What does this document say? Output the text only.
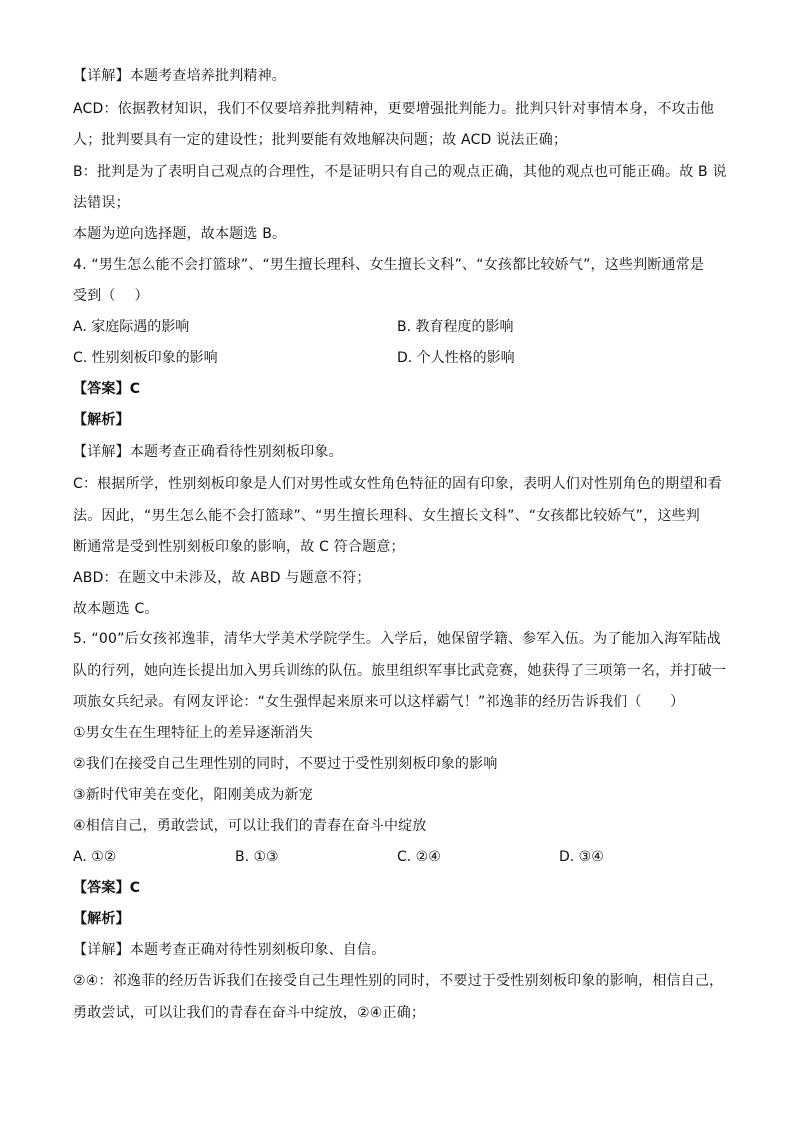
【详解】本题考查培养批判精神。
ACD：依据教材知识，我们不仅要培养批判精神，更要增强批判能力。批判只针对事情本身，不攻击他
人；批判要具有一定的建设性；批判要能有效地解决问题；故 ACD 说法正确；
B：批判是为了表明自己观点的合理性，不是证明只有自己的观点正确，其他的观点也可能正确。故 B 说
法错误；
本题为逆向选择题，故本题选 B。
4. “男生怎么能不会打篮球”、“男生擅长理科、女生擅长文科”、“女孩都比较娇气”，这些判断通常是
受到（　 ）
A. 家庭际遇的影响	B. 教育程度的影响
C. 性别刻板印象的影响	D. 个人性格的影响
【答案】C
【解析】
【详解】本题考查正确看待性别刻板印象。
C：根据所学，性别刻板印象是人们对男性或女性角色特征的固有印象，表明人们对性别角色的期望和看
法。因此，“男生怎么能不会打篮球”、“男生擅长理科、女生擅长文科”、“女孩都比较娇气”，这些判
断通常是受到性别刻板印象的影响，故 C 符合题意；
ABD：在题文中未涉及，故 ABD 与题意不符；
故本题选 C。
5. “00”后女孩祁逸菲，清华大学美术学院学生。入学后，她保留学籍、参军入伍。为了能加入海军陆战
队的行列，她向连长提出加入男兵训练的队伍。旅里组织军事比武竞赛，她获得了三项第一名，并打破一
项旅女兵纪录。有网友评论：“女生强悍起来原来可以这样霸气！”祁逸菲的经历告诉我们（　　）
①男女生在生理特征上的差异逐渐消失
②我们在接受自己生理性别的同时，不要过于受性别刻板印象的影响
③新时代审美在变化，阳刚美成为新宠
④相信自己，勇敢尝试，可以让我们的青春在奋斗中绽放
A. ①②	B. ①③	C. ②④	D. ③④
【答案】C
【解析】
【详解】本题考查正确对待性别刻板印象、自信。
②④：祁逸菲的经历告诉我们在接受自己生理性别的同时，不要过于受性别刻板印象的影响，相信自己，
勇敢尝试，可以让我们的青春在奋斗中绽放，②④正确；
